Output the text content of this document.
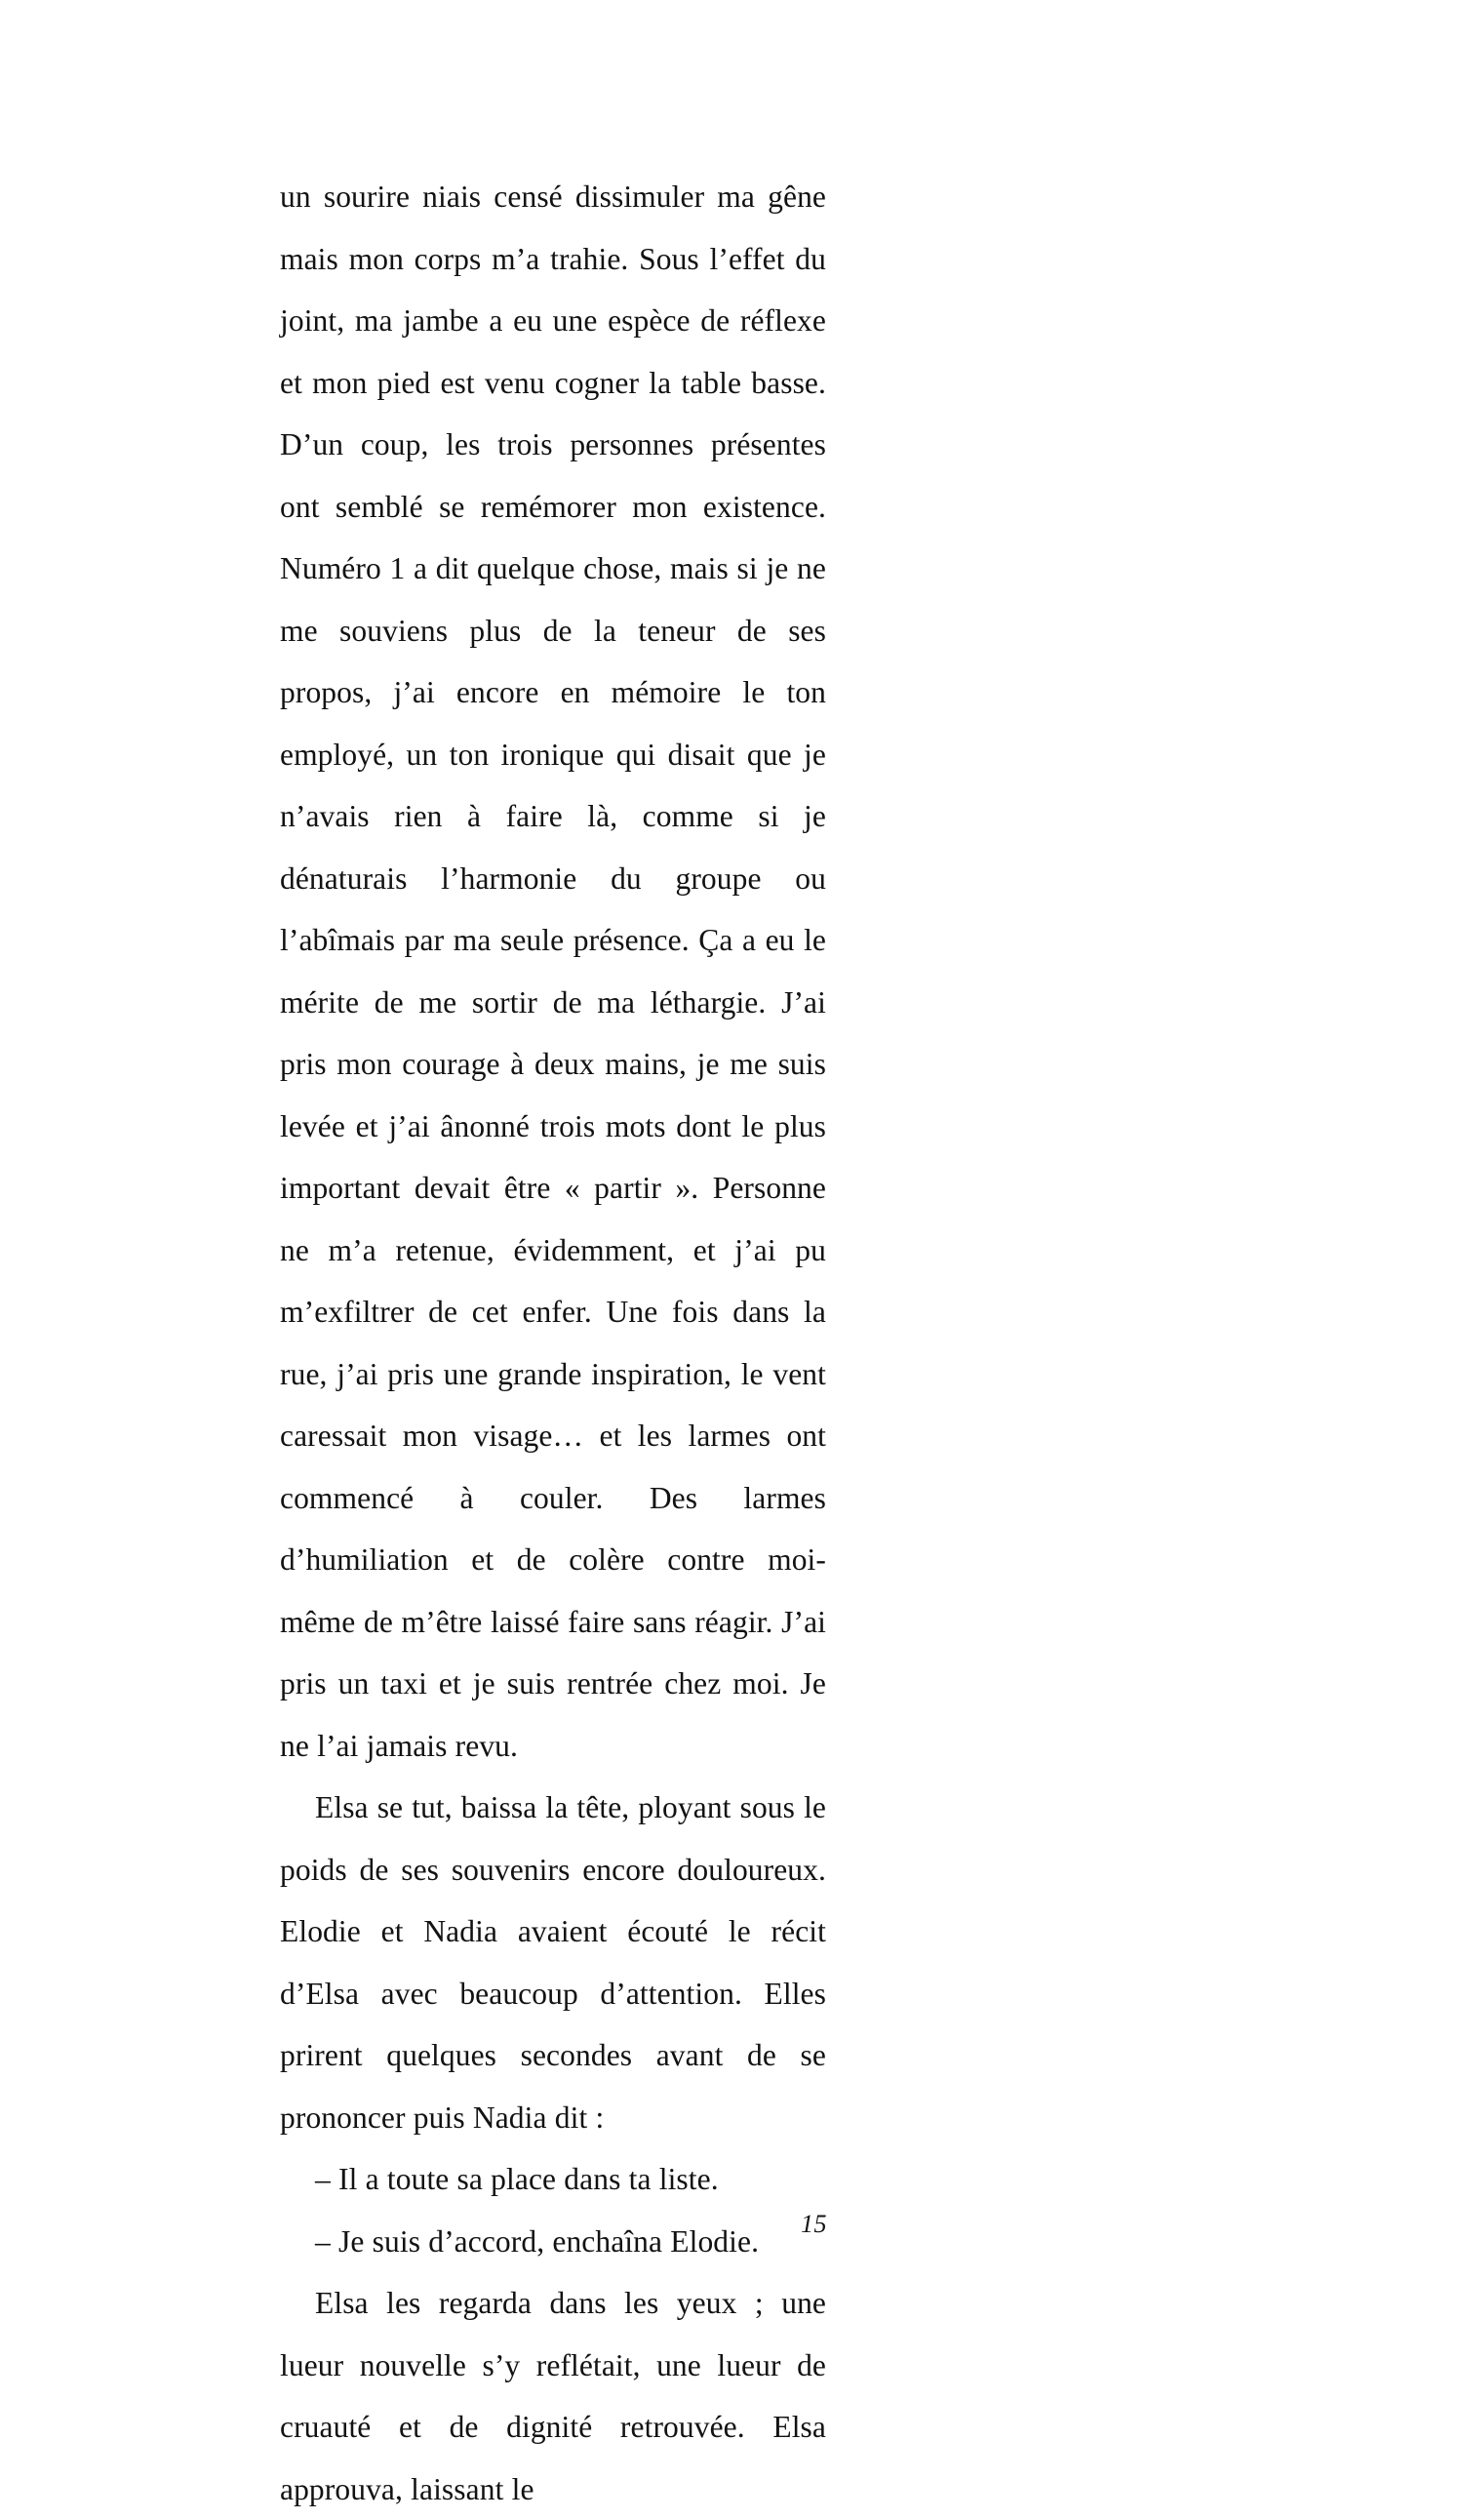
un sourire niais censé dissimuler ma gêne mais mon corps m’a trahie. Sous l’effet du joint, ma jambe a eu une espèce de réflexe et mon pied est venu cogner la table basse. D’un coup, les trois personnes présentes ont semblé se remémorer mon existence. Numéro 1 a dit quelque chose, mais si je ne me souviens plus de la teneur de ses propos, j’ai encore en mémoire le ton employé, un ton ironique qui disait que je n’avais rien à faire là, comme si je dénaturais l’harmonie du groupe ou l’abîmais par ma seule présence. Ça a eu le mérite de me sortir de ma léthargie. J’ai pris mon courage à deux mains, je me suis levée et j’ai ânonné trois mots dont le plus important devait être « partir ». Personne ne m’a retenue, évidemment, et j’ai pu m’exfiltrer de cet enfer. Une fois dans la rue, j’ai pris une grande inspiration, le vent caressait mon visage… et les larmes ont commencé à couler. Des larmes d’humiliation et de colère contre moi-même de m’être laissé faire sans réagir. J’ai pris un taxi et je suis rentrée chez moi. Je ne l’ai jamais revu.

Elsa se tut, baissa la tête, ployant sous le poids de ses souvenirs encore douloureux. Elodie et Nadia avaient écouté le récit d’Elsa avec beaucoup d’attention. Elles prirent quelques secondes avant de se prononcer puis Nadia dit :

– Il a toute sa place dans ta liste.

– Je suis d’accord, enchaîna Elodie.

Elsa les regarda dans les yeux ; une lueur nouvelle s’y reflétait, une lueur de cruauté et de dignité retrouvée. Elsa approuva, laissant le

15
